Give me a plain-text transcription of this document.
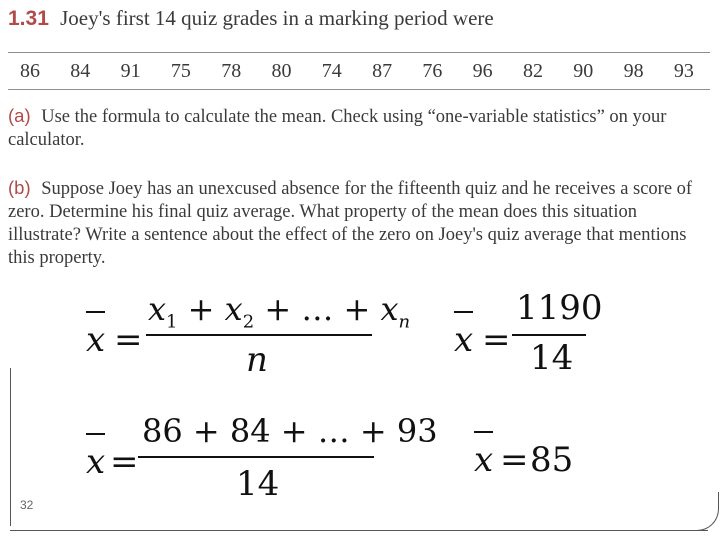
1.31 Joey's first 14 quiz grades in a marking period were
86 84 91 75 78 80 74 87 76 96 82 90 98 93
(a) Use the formula to calculate the mean. Check using “one-variable statistics” on your calculator.
(b) Suppose Joey has an unexcused absence for the fifteenth quiz and he receives a score of zero. Determine his final quiz average. What property of the mean does this situation illustrate? Write a sentence about the effect of the zero on Joey's quiz average that mentions this property.
x =
$x_1 + x_2$ + … + $x_n$
n	x =
1190
14
x =
86 + 84 + … + 93
14
x = 85
32
